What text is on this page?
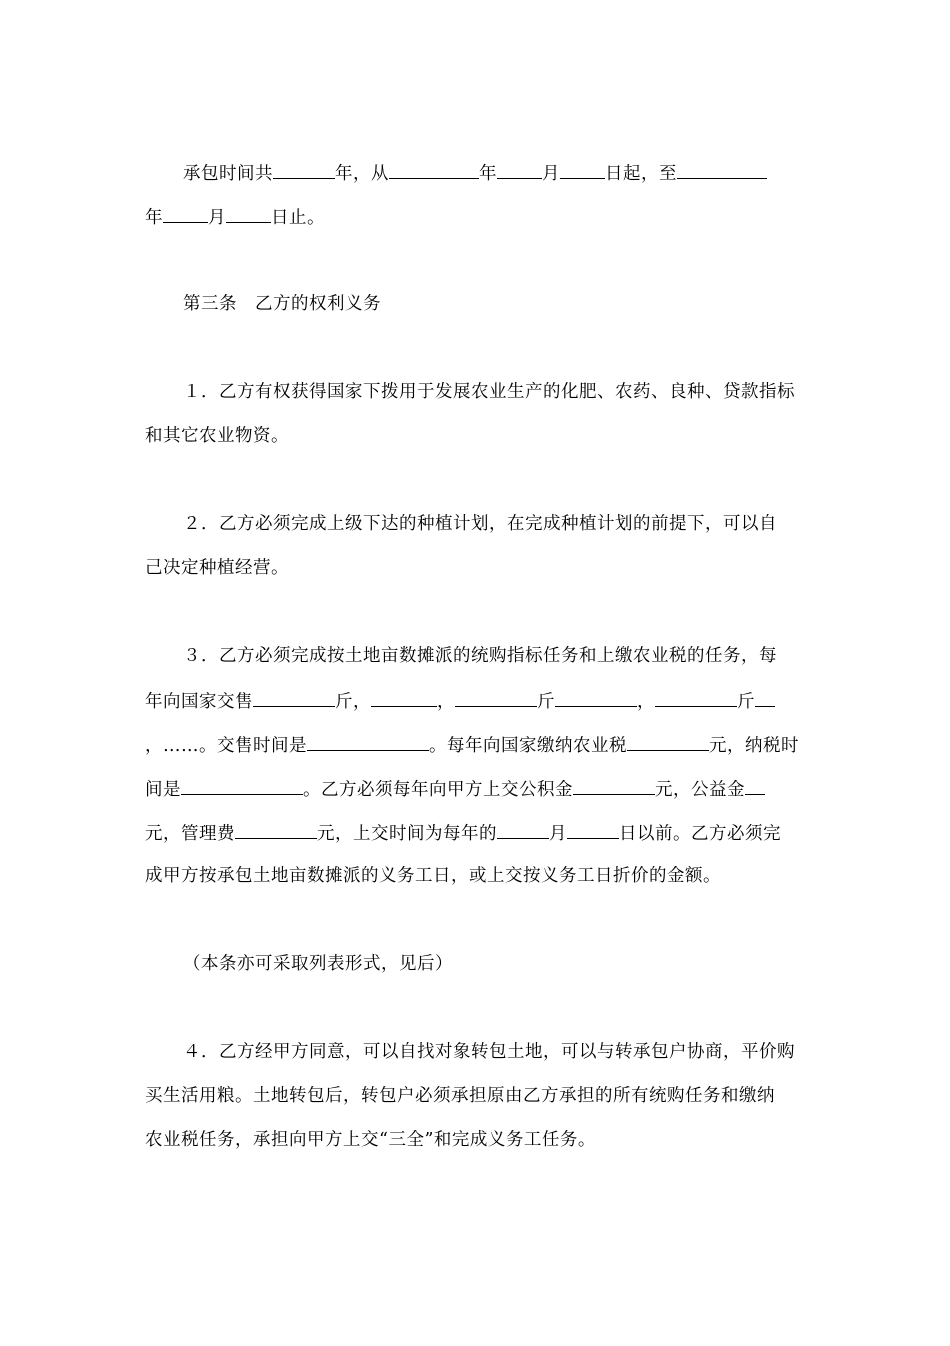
承包时间共	年，从	年	月	日起，至
年	月	日止。
第三条　乙方的权利义务
１．乙方有权获得国家下拨用于发展农业生产的化肥、农药、良种、贷款指标
和其它农业物资。
２．乙方必须完成上级下达的种植计划，在完成种植计划的前提下，可以自
己决定种植经营。
３．乙方必须完成按土地亩数摊派的统购指标任务和上缴农业税的任务，每
年向国家交售	斤，	，	斤	，	斤
，……。交售时间是	。每年向国家缴纳农业税	元，纳税时
间是	。乙方必须每年向甲方上交公积金	元，公益金
元，管理费	元，上交时间为每年的	月	日以前。乙方必须完
成甲方按承包土地亩数摊派的义务工日，或上交按义务工日折价的金额。
（本条亦可采取列表形式，见后）
４．乙方经甲方同意，可以自找对象转包土地，可以与转承包户协商，平价购
买生活用粮。土地转包后，转包户必须承担原由乙方承担的所有统购任务和缴纳
农业税任务，承担向甲方上交“三全”和完成义务工任务。
